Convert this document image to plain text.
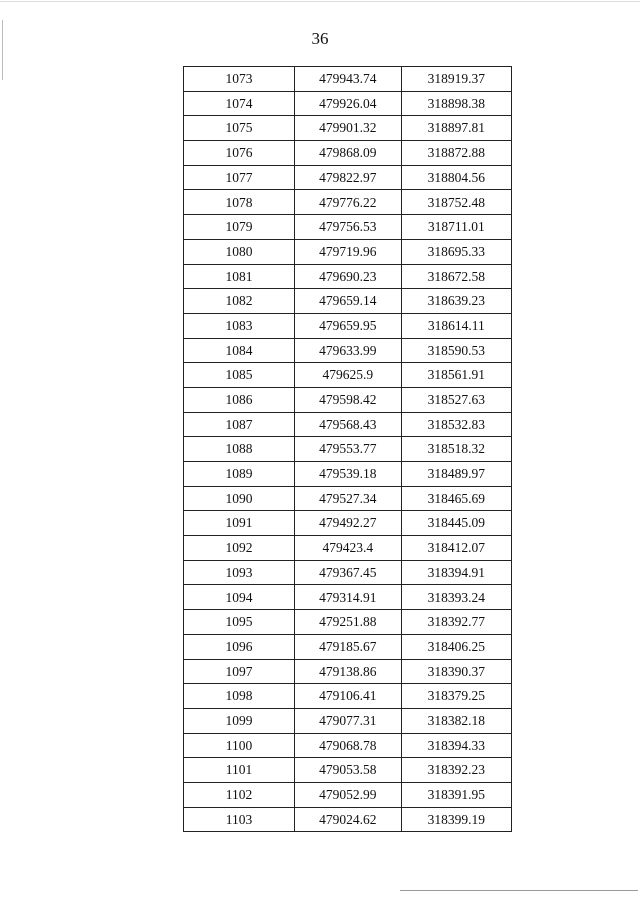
36
1073	479943.74	318919.37
1074	479926.04	318898.38
1075	479901.32	318897.81
1076	479868.09	318872.88
1077	479822.97	318804.56
1078	479776.22	318752.48
1079	479756.53	318711.01
1080	479719.96	318695.33
1081	479690.23	318672.58
1082	479659.14	318639.23
1083	479659.95	318614.11
1084	479633.99	318590.53
1085	479625.9	318561.91
1086	479598.42	318527.63
1087	479568.43	318532.83
1088	479553.77	318518.32
1089	479539.18	318489.97
1090	479527.34	318465.69
1091	479492.27	318445.09
1092	479423.4	318412.07
1093	479367.45	318394.91
1094	479314.91	318393.24
1095	479251.88	318392.77
1096	479185.67	318406.25
1097	479138.86	318390.37
1098	479106.41	318379.25
1099	479077.31	318382.18
1100	479068.78	318394.33
1101	479053.58	318392.23
1102	479052.99	318391.95
1103	479024.62	318399.19
